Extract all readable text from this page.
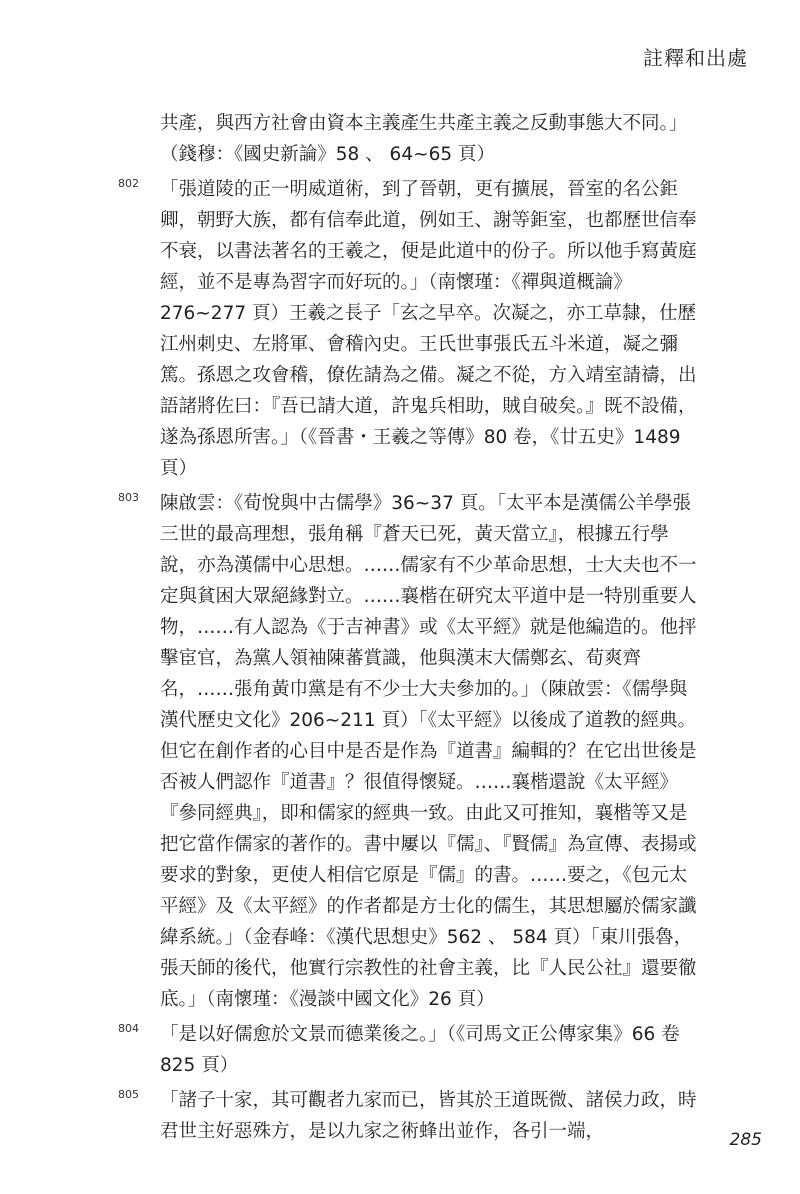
註釋和出處
共產，與西方社會由資本主義產生共產主義之反動事態大不同。」（錢穆：《國史新論》58 、 64~65 頁）
802 「張道陵的正一明威道術，到了晉朝，更有擴展，晉室的名公鉅卿，朝野大族，都有信奉此道，例如王、謝等鉅室，也都歷世信奉不衰，以書法著名的王羲之，便是此道中的份子。所以他手寫黃庭經，並不是專為習字而好玩的。」（南懷瑾：《禪與道概論》276~277 頁）王羲之長子「玄之早卒。次凝之，亦工草隸，仕歷江州刺史、左將軍、會稽內史。王氏世事張氏五斗米道，凝之彌篤。孫恩之攻會稽，僚佐請為之備。凝之不從，方入靖室請禱，出語諸將佐曰：『吾已請大道，許鬼兵相助，賊自破矣。』既不設備，遂為孫恩所害。」（《晉書・王羲之等傳》80 卷，《廿五史》1489 頁）
803 陳啟雲：《荀悅與中古儒學》36~37 頁。「太平本是漢儒公羊學張三世的最高理想，張角稱『蒼天已死，黃天當立』，根據五行學說，亦為漢儒中心思想。……儒家有不少革命思想，士大夫也不一定與貧困大眾絕緣對立。……襄楷在研究太平道中是一特別重要人物，……有人認為《于吉神書》或《太平經》就是他編造的。他抨擊宦官，為黨人領袖陳蕃賞識，他與漢末大儒鄭玄、荀爽齊名，……張角黃巾黨是有不少士大夫參加的。」（陳啟雲：《儒學與漢代歷史文化》206~211 頁）「《太平經》以後成了道教的經典。但它在創作者的心目中是否是作為『道書』編輯的？在它出世後是否被人們認作『道書』？很值得懷疑。……襄楷還說《太平經》『參同經典』，即和儒家的經典一致。由此又可推知，襄楷等又是把它當作儒家的著作的。書中屢以『儒』、『賢儒』為宣傳、表揚或要求的對象，更使人相信它原是『儒』的書。……要之，《包元太平經》及《太平經》的作者都是方士化的儒生，其思想屬於儒家讖緯系統。」（金春峰：《漢代思想史》562 、 584 頁）「東川張魯，張天師的後代，他實行宗教性的社會主義，比『人民公社』還要徹底。」（南懷瑾：《漫談中國文化》26 頁）
804 「是以好儒愈於文景而德業後之。」（《司馬文正公傳家集》66 卷 825 頁）
805 「諸子十家，其可觀者九家而已，皆其於王道既微、諸侯力政，時君世主好惡殊方，是以九家之術蜂出並作，各引一端，	285
